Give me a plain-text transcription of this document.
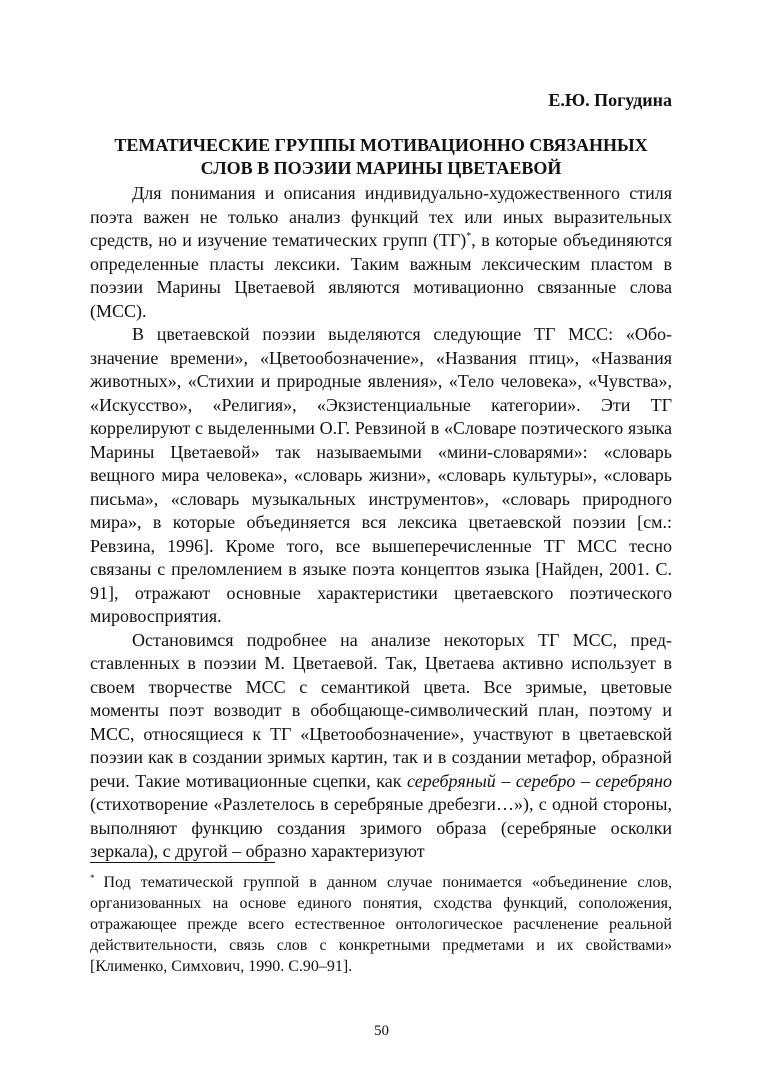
Е.Ю. Погудина
ТЕМАТИЧЕСКИЕ ГРУППЫ МОТИВАЦИОННО СВЯЗАННЫХ
СЛОВ В ПОЭЗИИ МАРИНЫ ЦВЕТАЕВОЙ

Для понимания и описания индивидуально-художественного стиля поэта важен не только анализ функций тех или иных выразительных средств, но и изучение тематических групп (ТГ)*, в которые объединяются определенные пласты лексики. Таким важным лексическим пластом в поэзии Марины Цветаевой являются мотивационно связанные слова (МСС).

В цветаевской поэзии выделяются следующие ТГ МСС: «Обозначение времени», «Цветообозначение», «Названия птиц», «Названия животных», «Стихии и природные явления», «Тело человека», «Чувства», «Искусство», «Религия», «Экзистенциальные категории». Эти ТГ коррелируют с выделенными О.Г. Ревзиной в «Словаре поэтического языка Марины Цветаевой» так называемыми «мини-словарями»: «словарь вещного мира человека», «словарь жизни», «словарь культуры», «словарь письма», «словарь музыкальных инструментов», «словарь природного мира», в которые объединяется вся лексика цветаевской поэзии [см.: Ревзина, 1996]. Кроме того, все вышеперечисленные ТГ МСС тесно связаны с преломлением в языке поэта концептов языка [Найден, 2001. С. 91], отражают основные характеристики цветаевского поэтического мировосприятия.

Остановимся подробнее на анализе некоторых ТГ МСС, представленных в поэзии М. Цветаевой. Так, Цветаева активно использует в своем творчестве МСС с семантикой цвета. Все зримые, цветовые моменты поэт возводит в обобщающе-символический план, поэтому и МСС, относящиеся к ТГ «Цветообозначение», участвуют в цветаевской поэзии как в создании зримых картин, так и в создании метафор, образной речи. Такие мотивационные сцепки, как серебряный – серебро – серебряно (стихотворение «Разлетелось в серебряные дребезги…»), с одной стороны, выполняют функцию создания зримого образа (серебряные осколки зеркала), с другой – образно характеризуют

* Под тематической группой в данном случае понимается «объединение слов, организованных на основе единого понятия, сходства функций, соположения, отражающее прежде всего естественное онтологическое расчленение реальной действительности, связь слов с конкретными предметами и их свойствами» [Клименко, Симхович, 1990. С.90–91].

50
